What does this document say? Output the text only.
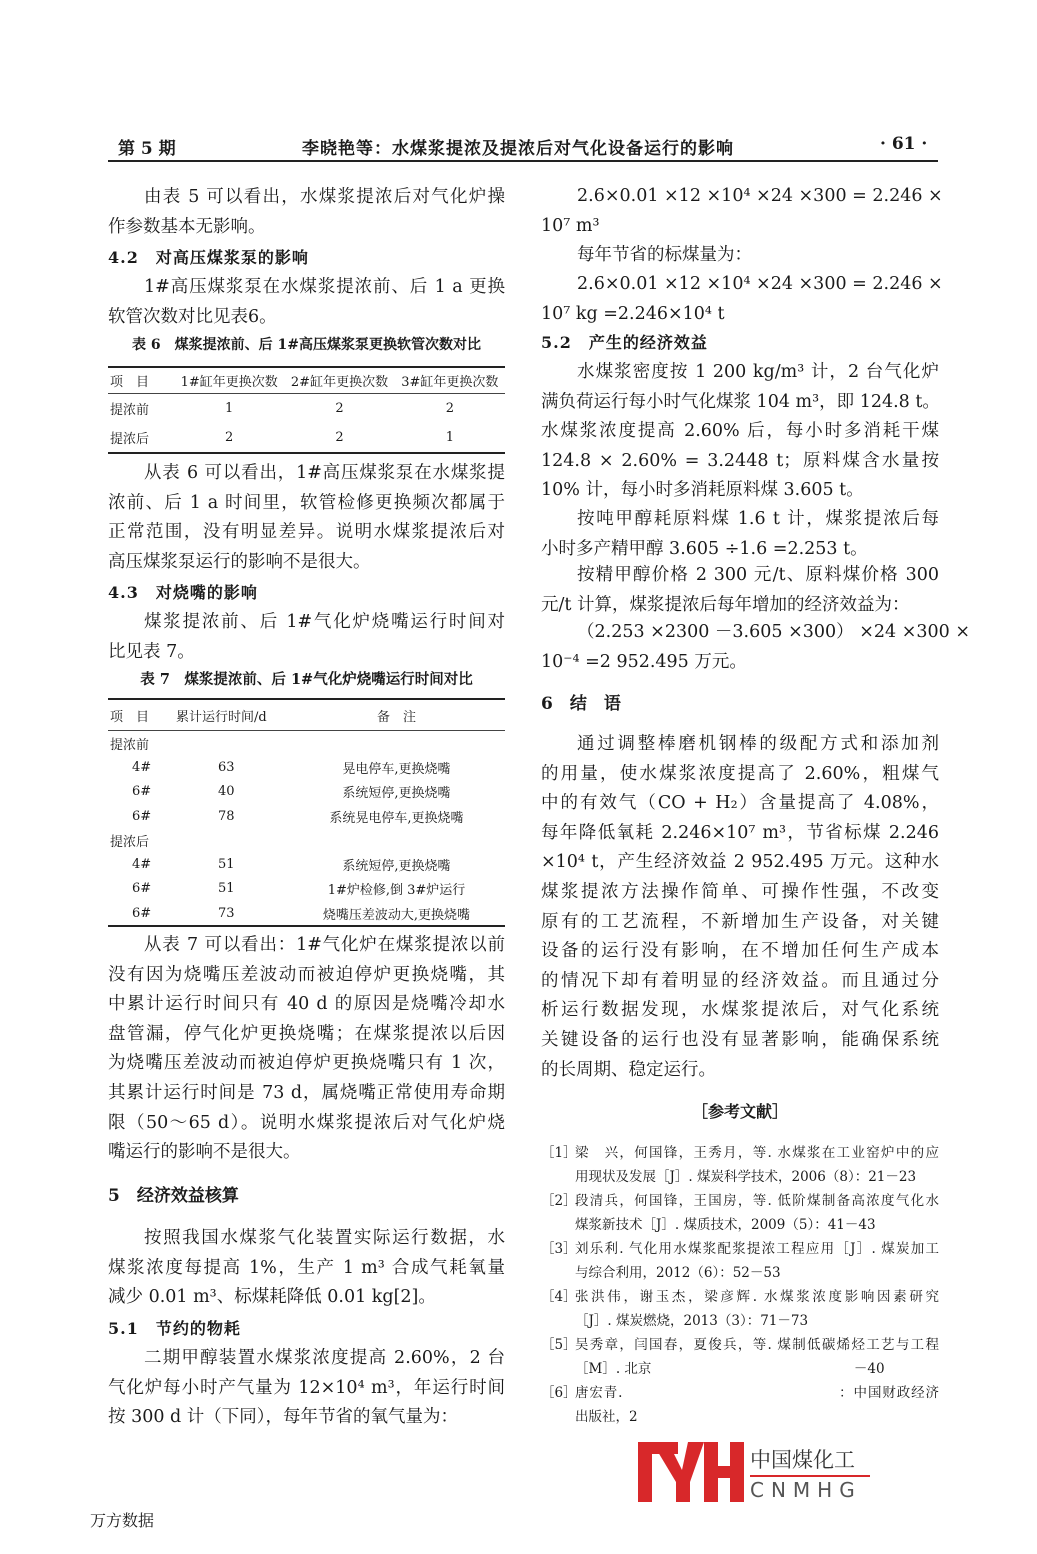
第 5 期	李晓艳等：水煤浆提浓及提浓后对气化设备运行的影响	· 61 ·
由表 5 可以看出，水煤浆提浓后对气化炉操
作参数基本无影响。
4.2　对高压煤浆泵的影响
1#高压煤浆泵在水煤浆提浓前、后 1 a 更换
软管次数对比见表6。
表 6　煤浆提浓前、后 1#高压煤浆泵更换软管次数对比
项　目	1#缸年更换次数	2#缸年更换次数	3#缸年更换次数
提浓前	1	2	2
提浓后	2	2	1
从表 6 可以看出，1#高压煤浆泵在水煤浆提
浓前、后 1 a 时间里，软管检修更换频次都属于
正常范围，没有明显差异。说明水煤浆提浓后对
高压煤浆泵运行的影响不是很大。
4.3　对烧嘴的影响
煤浆提浓前、后 1#气化炉烧嘴运行时间对
比见表 7。
表 7　煤浆提浓前、后 1#气化炉烧嘴运行时间对比
项　目	累计运行时间/d	备　注
提浓前		
4#	63	晃电停车,更换烧嘴
6#	40	系统短停,更换烧嘴
6#	78	系统晃电停车,更换烧嘴
提浓后		
4#	51	系统短停,更换烧嘴
6#	51	1#炉检修,倒 3#炉运行
6#	73	烧嘴压差波动大,更换烧嘴
从表 7 可以看出：1#气化炉在煤浆提浓以前
没有因为烧嘴压差波动而被迫停炉更换烧嘴，其
中累计运行时间只有 40 d 的原因是烧嘴冷却水
盘管漏，停气化炉更换烧嘴；在煤浆提浓以后因
为烧嘴压差波动而被迫停炉更换烧嘴只有 1 次，
其累计运行时间是 73 d，属烧嘴正常使用寿命期
限（50～65 d）。说明水煤浆提浓后对气化炉烧
嘴运行的影响不是很大。
5　经济效益核算
按照我国水煤浆气化装置实际运行数据，水
煤浆浓度每提高 1%，生产 1 m³ 合成气耗氧量
减少 0.01 m³、标煤耗降低 0.01 kg[2]。
5.1　节约的物耗
二期甲醇装置水煤浆浓度提高 2.60%，2 台
气化炉每小时产气量为 12×10⁴ m³，年运行时间
按 300 d 计（下同），每年节省的氧气量为：
2.6×0.01 ×12 ×10⁴ ×24 ×300 = 2.246 ×
10⁷ m³
每年节省的标煤量为：
2.6×0.01 ×12 ×10⁴ ×24 ×300 = 2.246 ×
10⁷ kg =2.246×10⁴ t
5.2　产生的经济效益
水煤浆密度按 1 200 kg/m³ 计，2 台气化炉
满负荷运行每小时气化煤浆 104 m³，即 124.8 t。
水煤浆浓度提高 2.60% 后，每小时多消耗干煤
124.8 × 2.60% = 3.2448 t；原料煤含水量按
10% 计，每小时多消耗原料煤 3.605 t。
按吨甲醇耗原料煤 1.6 t 计，煤浆提浓后每
小时多产精甲醇 3.605 ÷1.6 =2.253 t。
按精甲醇价格 2 300 元/t、原料煤价格 300
元/t 计算，煤浆提浓后每年增加的经济效益为：
（2.253 ×2300 －3.605 ×300） ×24 ×300 ×
10⁻⁴ =2 952.495 万元。
6　结　语
通过调整棒磨机钢棒的级配方式和添加剂
的用量，使水煤浆浓度提高了 2.60%，粗煤气
中的有效气（CO + H₂）含量提高了 4.08%，
每年降低氧耗 2.246×10⁷ m³，节省标煤 2.246
×10⁴ t，产生经济效益 2 952.495 万元。这种水
煤浆提浓方法操作简单、可操作性强，不改变
原有的工艺流程，不新增加生产设备，对关键
设备的运行没有影响，在不增加任何生产成本
的情况下却有着明显的经济效益。而且通过分
析运行数据发现，水煤浆提浓后，对气化系统
关键设备的运行也没有显著影响，能确保系统
的长周期、稳定运行。
［参考文献］
［1］
梁　兴，何国锋，王秀月，等. 水煤浆在工业窑炉中的应
用现状及发展［J］. 煤炭科学技术，2006（8）：21－23
［2］
段清兵，何国锋，王国房，等. 低阶煤制备高浓度气化水
煤浆新技术［J］. 煤质技术，2009（5）：41－43
［3］
刘乐利. 气化用水煤浆配浆提浓工程应用［J］. 煤炭加工
与综合利用，2012（6）：52－53
［4］
张洪伟，谢玉杰，梁彦辉. 水煤浆浓度影响因素研究
［J］. 煤炭燃烧，2013（3）：71－73
［5］
吴秀章，闫国春，夏俊兵，等. 煤制低碳烯烃工艺与工程
［M］. 北京　　　　　　　　　　　　　　　－40
［6］
唐宏青.　　　　　　　　　　　　　　　：中国财政经济
出版社，2
中国煤化工
CNMHG
万方数据
